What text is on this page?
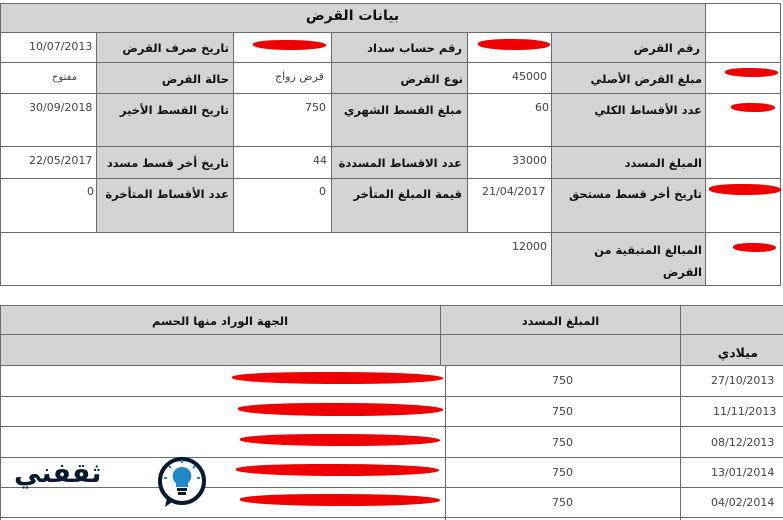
بيانات القرض
رقم القرض
رقم حساب سداد
تاريخ صرف القرض
10/07/2013
مبلغ القرض الأصلي
45000
نوع القرض
قرض زواج
حالة القرض
مفتوح
عدد الأقساط الكلي
60
مبلغ القسط الشهري
750
تاريخ القسط الأخير
30/09/2018
المبلغ المسدد
33000
عدد الاقساط المسددة
44
تاريخ أخر قسط مسدد
22/05/2017
تاريخ أخر قسط مستحق
21/04/2017
قيمة المبلغ المتأخر
0
عدد الأقساط المتأخرة
0
المبالغ المتبقية من
القرض
12000
الجهة الوراد منها الحسم	المبلغ المسدد
ميلادي
27/10/2013
750
11/11/2013
750
08/12/2013
750
13/01/2014
750
04/02/2014
750
ثقفني
